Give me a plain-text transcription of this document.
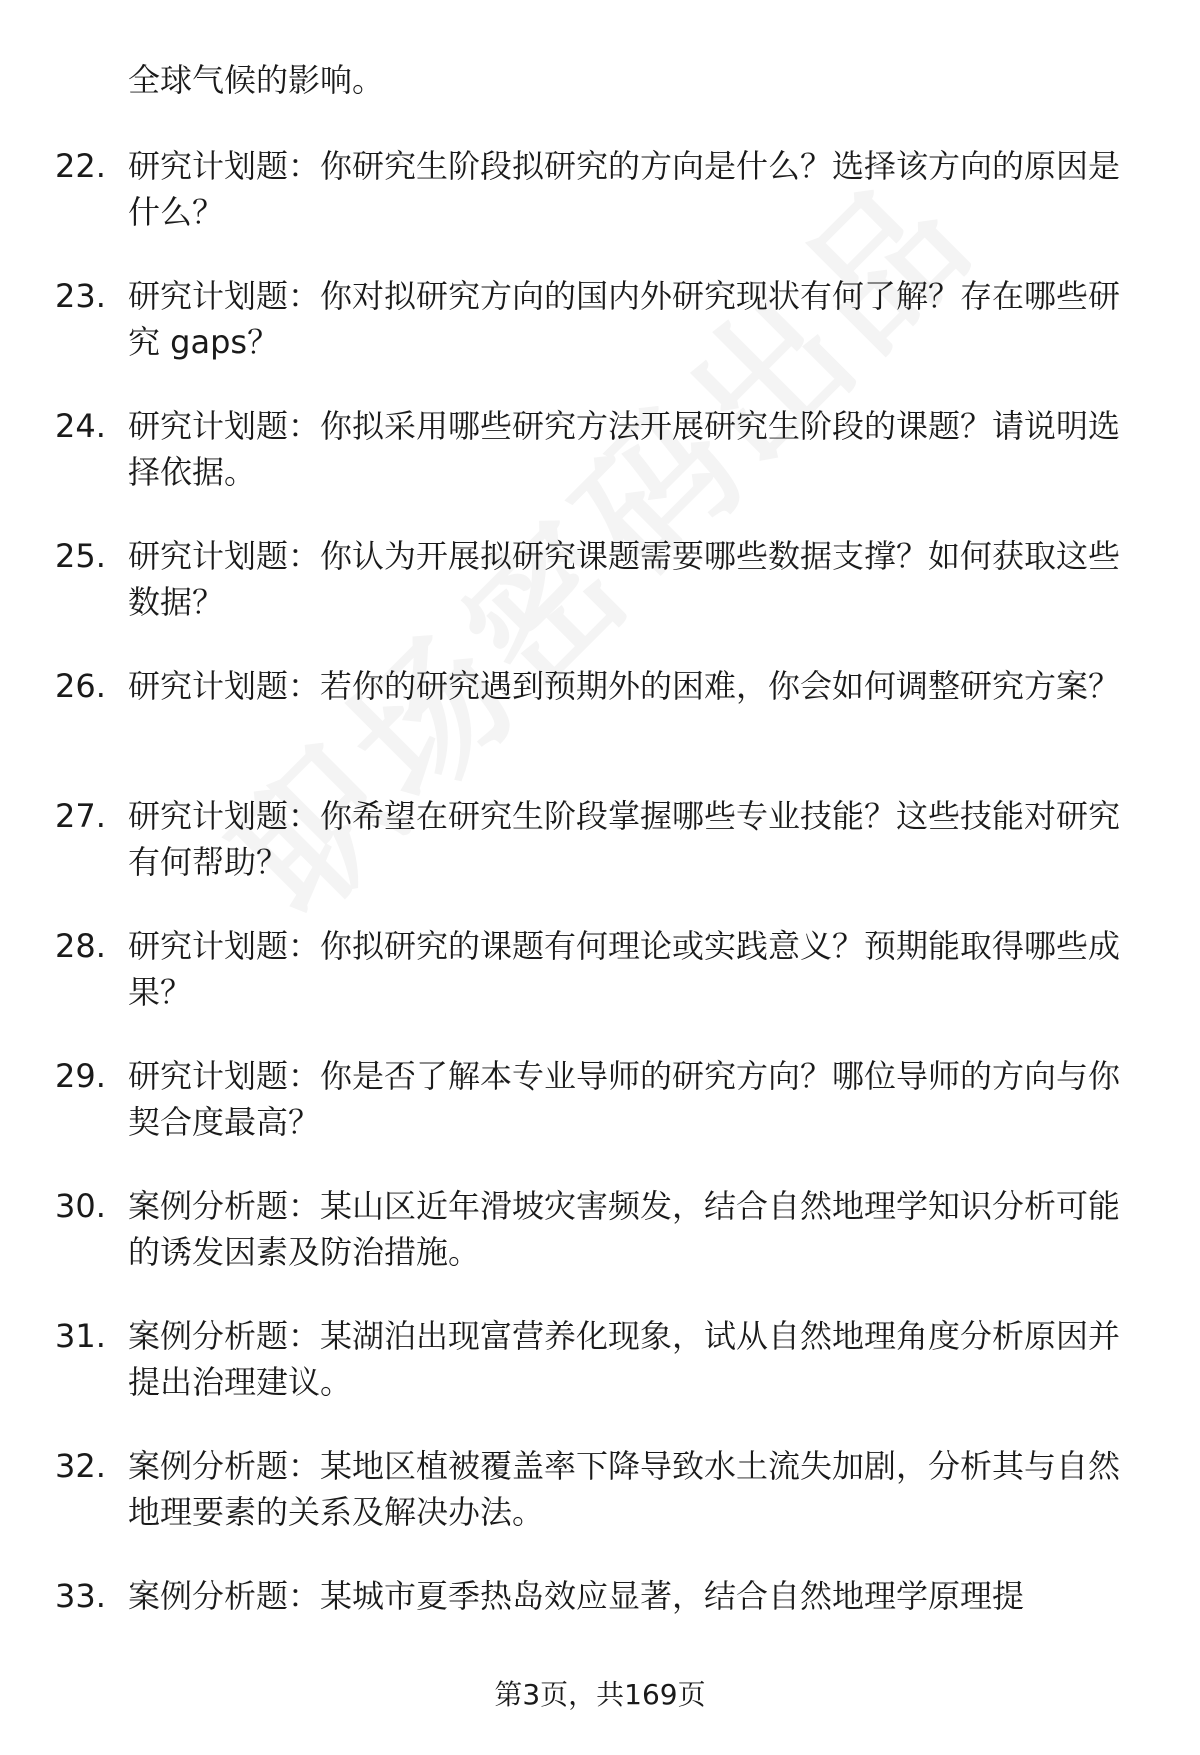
全球气候的影响。

22. 研究计划题：你研究生阶段拟研究的方向是什么？选择该方向的原因是什么？
23. 研究计划题：你对拟研究方向的国内外研究现状有何了解？存在哪些研究 gaps？
24. 研究计划题：你拟采用哪些研究方法开展研究生阶段的课题？请说明选择依据。
25. 研究计划题：你认为开展拟研究课题需要哪些数据支撑？如何获取这些数据？
26. 研究计划题：若你的研究遇到预期外的困难，你会如何调整研究方案？
27. 研究计划题：你希望在研究生阶段掌握哪些专业技能？这些技能对研究有何帮助？
28. 研究计划题：你拟研究的课题有何理论或实践意义？预期能取得哪些成果？
29. 研究计划题：你是否了解本专业导师的研究方向？哪位导师的方向与你契合度最高？
30. 案例分析题：某山区近年滑坡灾害频发，结合自然地理学知识分析可能的诱发因素及防治措施。
31. 案例分析题：某湖泊出现富营养化现象，试从自然地理角度分析原因并提出治理建议。
32. 案例分析题：某地区植被覆盖率下降导致水土流失加剧，分析其与自然地理要素的关系及解决办法。
33. 案例分析题：某城市夏季热岛效应显著，结合自然地理学原理提
第3页，共169页
